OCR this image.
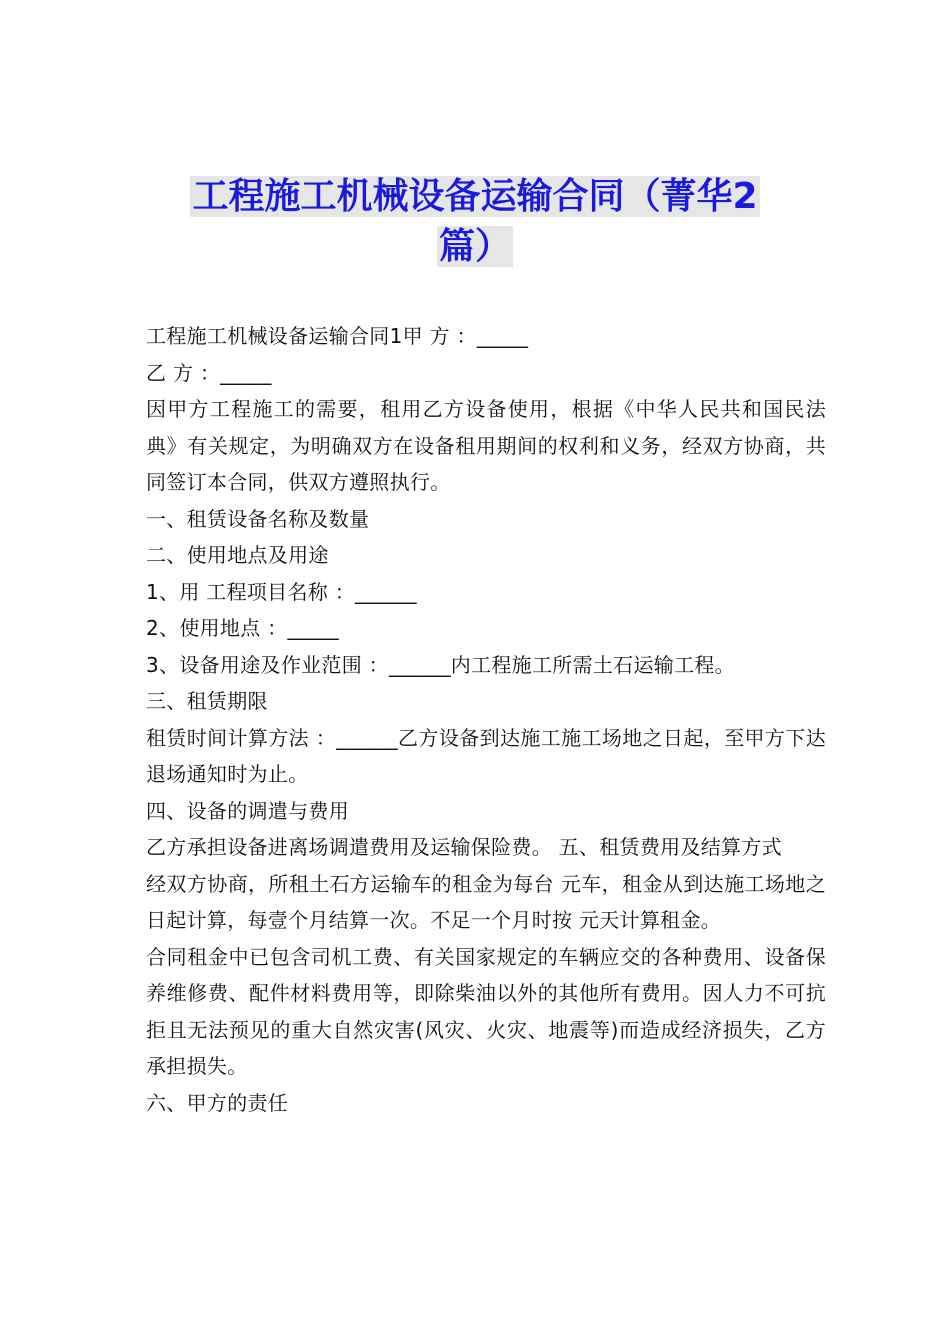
工程施工机械设备运输合同（菁华2
篇）

工程施工机械设备运输合同1甲 方 ：_____

乙 方 ：_____

因甲方工程施工的需要，租用乙方设备使用，根据《中华人民共和国民法典》有关规定，为明确双方在设备租用期间的权利和义务，经双方协商，共同签订本合同，供双方遵照执行。

一、租赁设备名称及数量

二、使用地点及用途

1、用 工程项目名称 ：______

2、使用地点 ：_____

3、设备用途及作业范围 ：______内工程施工所需土石运输工程。

三、租赁期限

租赁时间计算方法 ：______乙方设备到达施工施工场地之日起，至甲方下达退场通知时为止。

四、设备的调遣与费用

乙方承担设备进离场调遣费用及运输保险费。 五、租赁费用及结算方式

经双方协商，所租土石方运输车的租金为每台 元车，租金从到达施工场地之日起计算，每壹个月结算一次。不足一个月时按 元天计算租金。

合同租金中已包含司机工费、有关国家规定的车辆应交的各种费用、设备保养维修费、配件材料费用等，即除柴油以外的其他所有费用。因人力不可抗拒且无法预见的重大自然灾害(风灾、火灾、地震等)而造成经济损失，乙方承担损失。

六、甲方的责任
